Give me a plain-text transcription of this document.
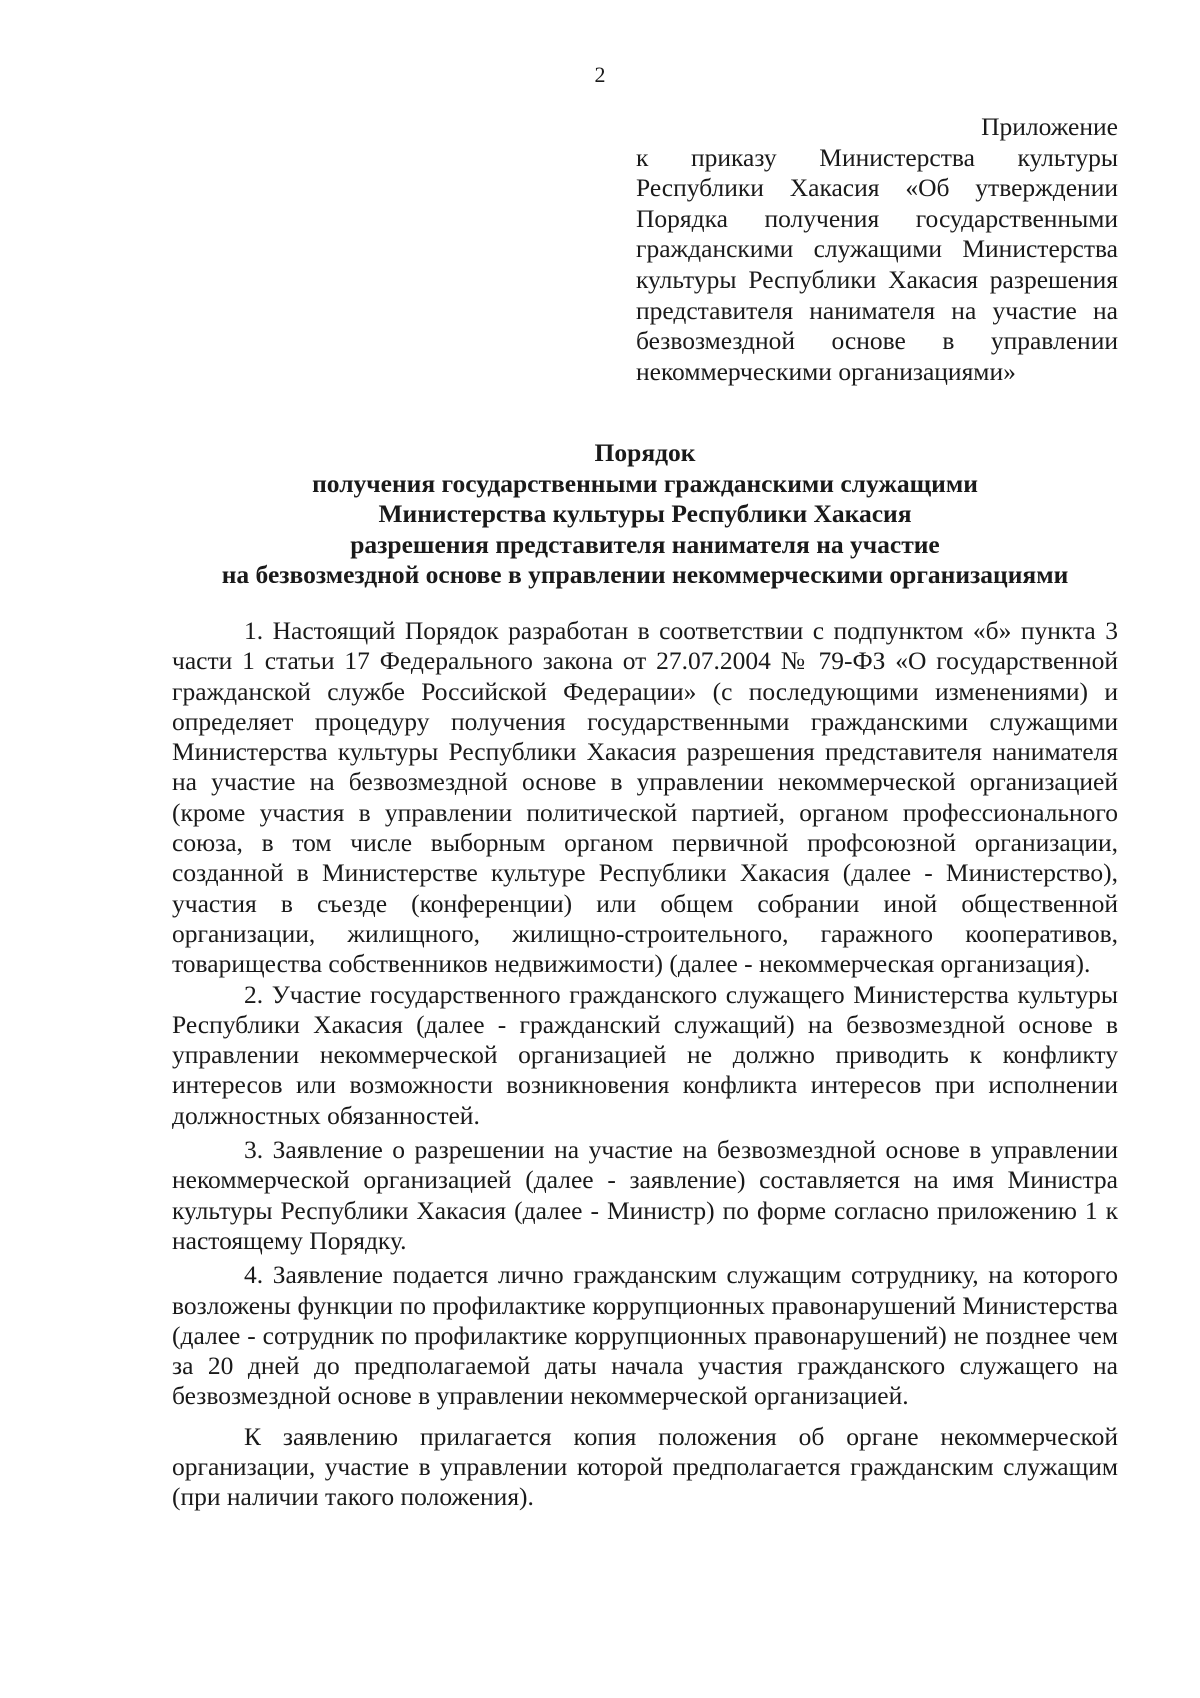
2
Приложение
к приказу Министерства культуры Республики Хакасия «Об утверждении Порядка получения государственными гражданскими служащими Министерства культуры Республики Хакасия разрешения представителя нанимателя на участие на безвозмездной основе в управлении некоммерческими организациями»
Порядок
получения государственными гражданскими служащими
Министерства культуры Республики Хакасия
разрешения представителя нанимателя на участие
на безвозмездной основе в управлении некоммерческими организациями

1. Настоящий Порядок разработан в соответствии с подпунктом «б» пункта 3 части 1 статьи 17 Федерального закона от 27.07.2004 № 79-ФЗ «О государственной гражданской службе Российской Федерации» (с последующими изменениями) и определяет процедуру получения государственными гражданскими служащими Министерства культуры Республики Хакасия разрешения представителя нанимателя на участие на безвозмездной основе в управлении некоммерческой организацией (кроме участия в управлении политической партией, органом профессионального союза, в том числе выборным органом первичной профсоюзной организации, созданной в Министерстве культуре Республики Хакасия (далее - Министерство), участия в съезде (конференции) или общем собрании иной общественной организации, жилищного, жилищно-строительного, гаражного кооперативов, товарищества собственников недвижимости) (далее - некоммерческая организация).

2. Участие государственного гражданского служащего Министерства культуры Республики Хакасия (далее - гражданский служащий) на безвозмездной основе в управлении некоммерческой организацией не должно приводить к конфликту интересов или возможности возникновения конфликта интересов при исполнении должностных обязанностей.

3. Заявление о разрешении на участие на безвозмездной основе в управлении некоммерческой организацией (далее - заявление) составляется на имя Министра культуры Республики Хакасия (далее - Министр) по форме согласно приложению 1 к настоящему Порядку.

4. Заявление подается лично гражданским служащим сотруднику, на которого возложены функции по профилактике коррупционных правонарушений Министерства (далее - сотрудник по профилактике коррупционных правонарушений) не позднее чем за 20 дней до предполагаемой даты начала участия гражданского служащего на безвозмездной основе в управлении некоммерческой организацией.

К заявлению прилагается копия положения об органе некоммерческой организации, участие в управлении которой предполагается гражданским служащим (при наличии такого положения).
